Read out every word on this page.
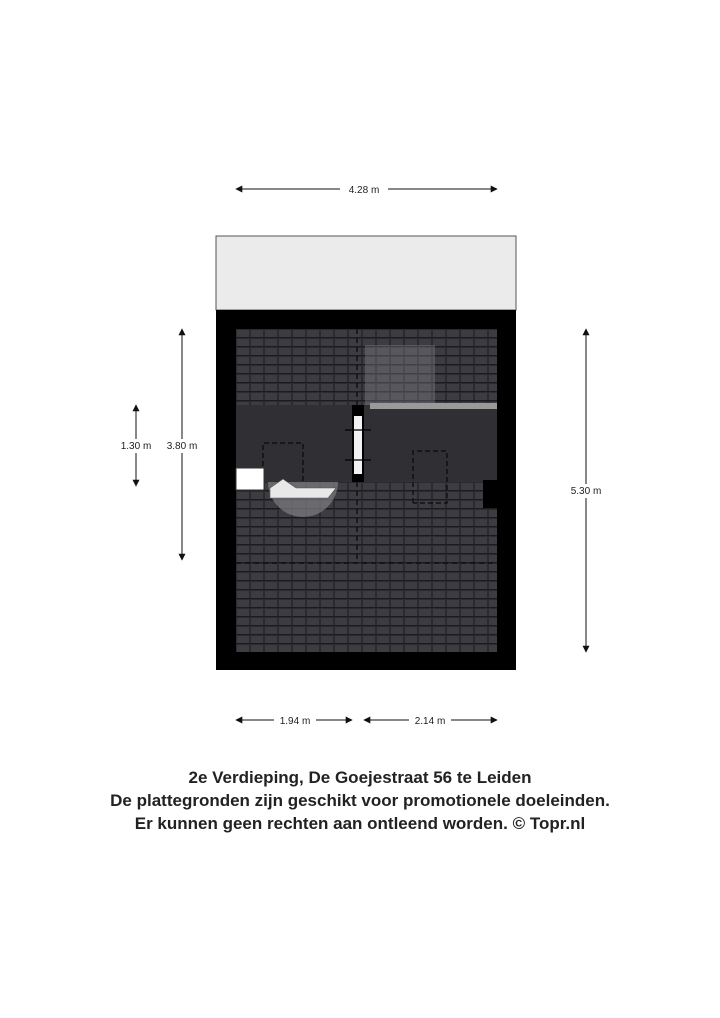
4.28 m
1.30 m 3.80 m
5.30 m
1.94 m	2.14 m
2e Verdieping, De Goejestraat 56 te Leiden
De plattegronden zijn geschikt voor promotionele doeleinden.
Er kunnen geen rechten aan ontleend worden. © Topr.nl
